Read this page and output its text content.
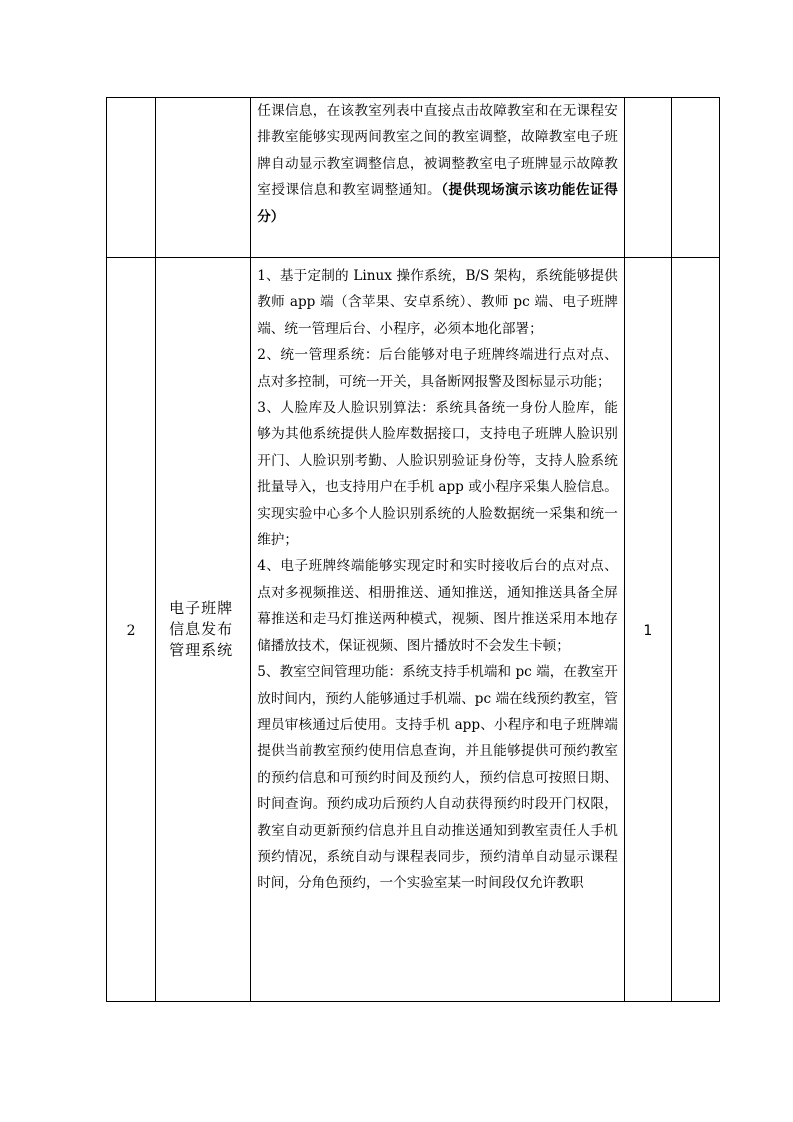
		任课信息，在该教室列表中直接点击故障教室和在无课程安排教室能够实现两间教室之间的教室调整，故障教室电子班牌自动显示教室调整信息，被调整教室电子班牌显示故障教室授课信息和教室调整通知。（提供现场演示该功能佐证得分）		

2	电子班牌信息发布管理系统	1、基于定制的 Linux 操作系统，B/S 架构，系统能够提供教师 app 端（含苹果、安卓系统）、教师 pc 端、电子班牌端、统一管理后台、小程序，必须本地化部署；
2、统一管理系统：后台能够对电子班牌终端进行点对点、点对多控制，可统一开关，具备断网报警及图标显示功能；
3、人脸库及人脸识别算法：系统具备统一身份人脸库，能够为其他系统提供人脸库数据接口，支持电子班牌人脸识别开门、人脸识别考勤、人脸识别验证身份等，支持人脸系统批量导入，也支持用户在手机 app 或小程序采集人脸信息。实现实验中心多个人脸识别系统的人脸数据统一采集和统一维护；
4、电子班牌终端能够实现定时和实时接收后台的点对点、点对多视频推送、相册推送、通知推送，通知推送具备全屏幕推送和走马灯推送两种模式，视频、图片推送采用本地存储播放技术，保证视频、图片播放时不会发生卡顿；
5、教室空间管理功能：系统支持手机端和 pc 端，在教室开放时间内，预约人能够通过手机端、pc 端在线预约教室，管理员审核通过后使用。支持手机 app、小程序和电子班牌端提供当前教室预约使用信息查询，并且能够提供可预约教室的预约信息和可预约时间及预约人，预约信息可按照日期、时间查询。预约成功后预约人自动获得预约时段开门权限，教室自动更新预约信息并且自动推送通知到教室责任人手机预约情况，系统自动与课程表同步，预约清单自动显示课程时间，分角色预约，一个实验室某一时间段仅允许教职	1	
